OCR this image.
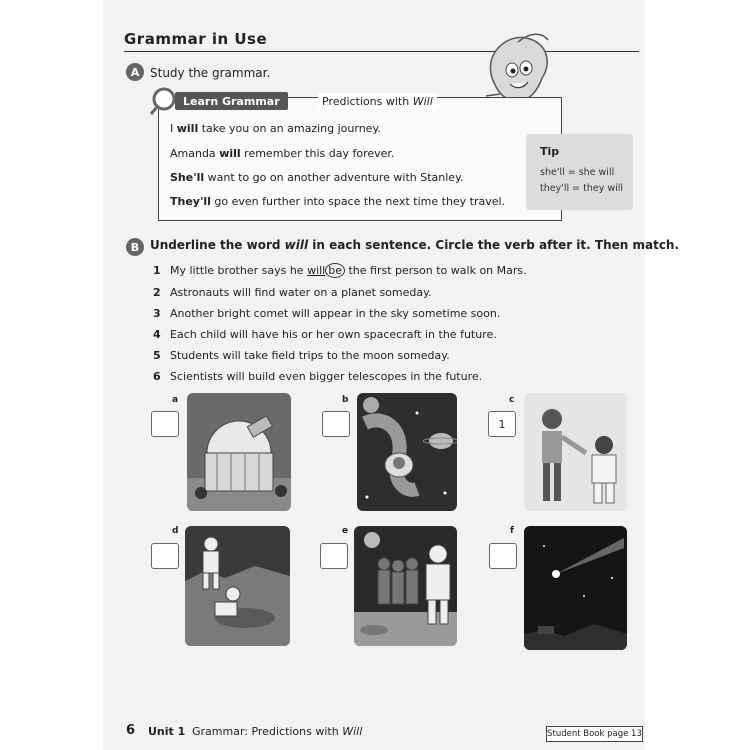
Grammar in Use
A Study the grammar.
Learn Grammar	Predictions with
Will
I will take you on an amazing journey.
Amanda will remember this day forever.
She'll want to go on another adventure with Stanley.
They'll go even further into space the next time they travel.
Tip
she'll = she will
they'll = they will
B Underline the word will in each sentence. Circle the verb after it. Then match.
1 My little brother says he will be the first person to walk on Mars.
2 Astronauts will find water on a planet someday.
3 Another bright comet will appear in the sky sometime soon.
4 Each child will have his or her own spacecraft in the future.
5 Students will take field trips to the moon someday.
6 Scientists will build even bigger telescopes in the future.
a	b	c
1
d	e	f
6 Unit 1 Grammar: Predictions with Will	Student Book page 13
